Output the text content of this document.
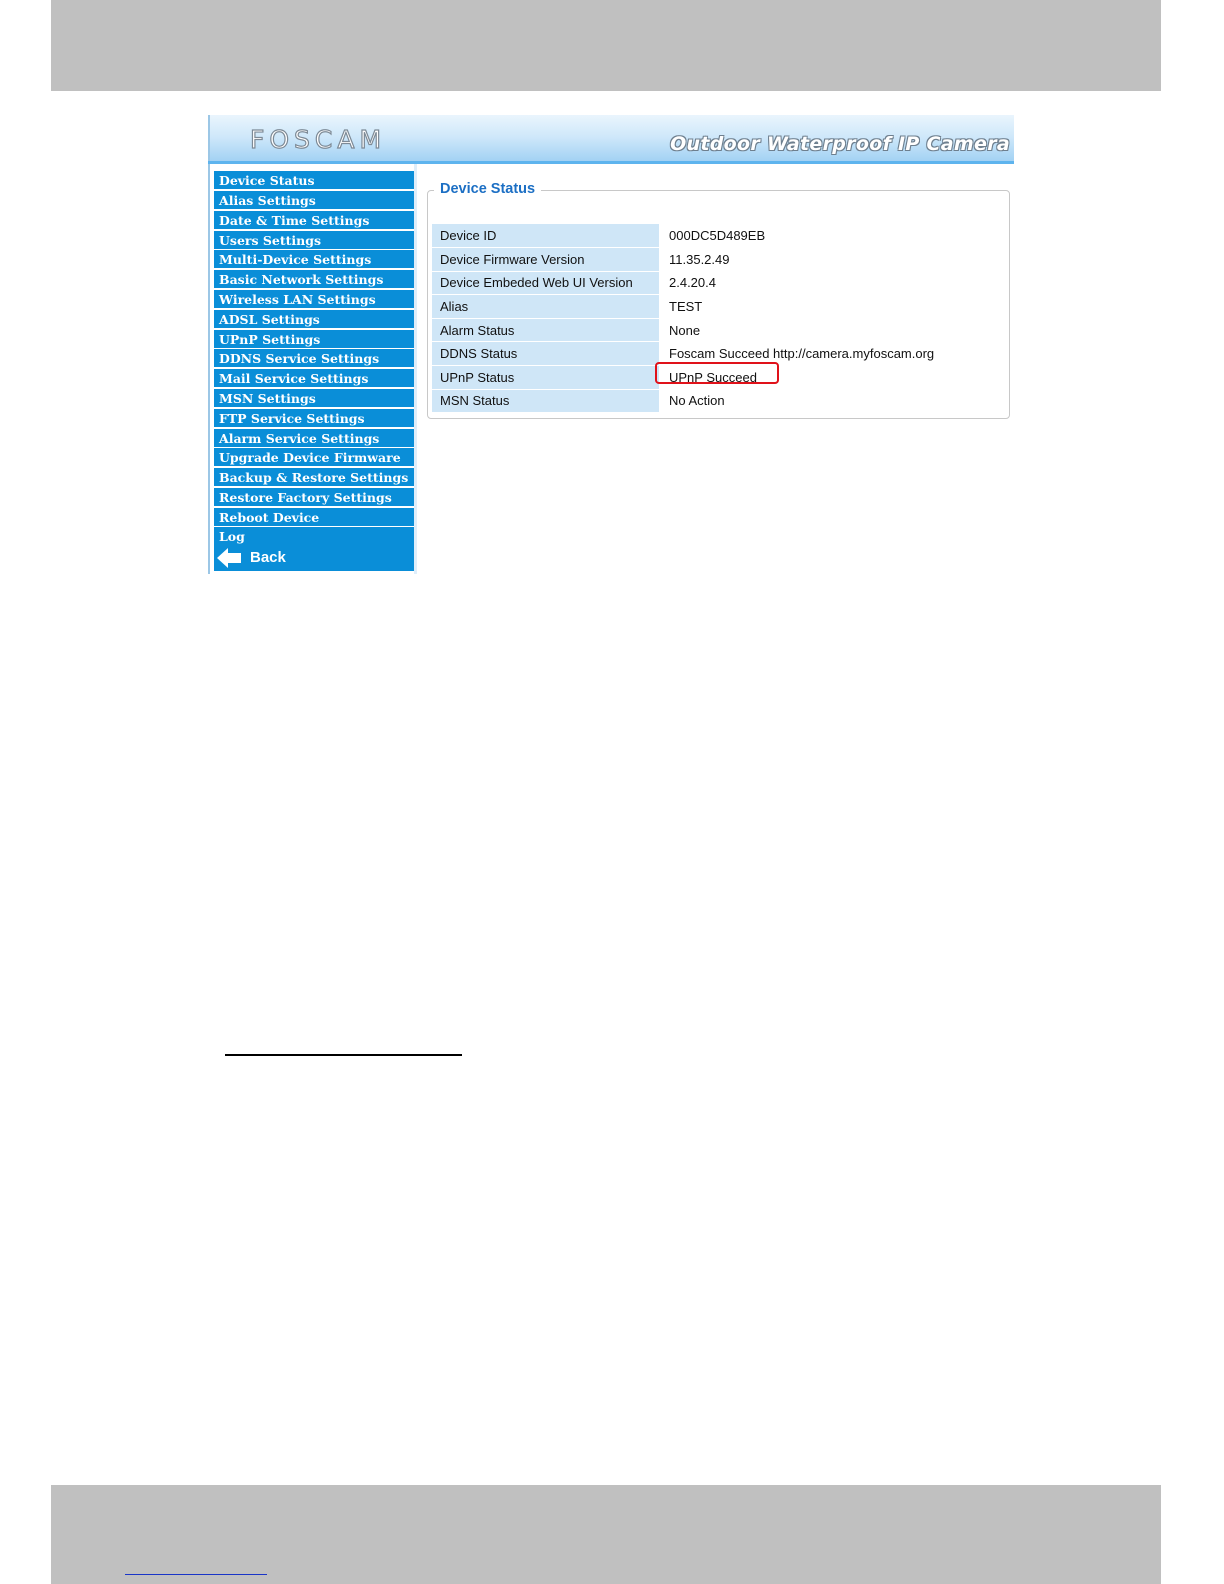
FOSCAM	Outdoor Waterproof IP Camera
Device Status
Alias Settings
Date & Time Settings
Users Settings
Multi-Device Settings
Basic Network Settings
Wireless LAN Settings
ADSL Settings
UPnP Settings
DDNS Service Settings
Mail Service Settings
MSN Settings
FTP Service Settings
Alarm Service Settings
Upgrade Device Firmware
Backup & Restore Settings
Restore Factory Settings
Reboot Device
Log
Back
Device Status
Device ID	000DC5D489EB
Device Firmware Version	11.35.2.49
Device Embeded Web UI Version	2.4.20.4
Alias	TEST
Alarm Status	None
DDNS Status	Foscam Succeed http://camera.myfoscam.org
UPnP Status	UPnP Succeed
MSN Status	No Action
